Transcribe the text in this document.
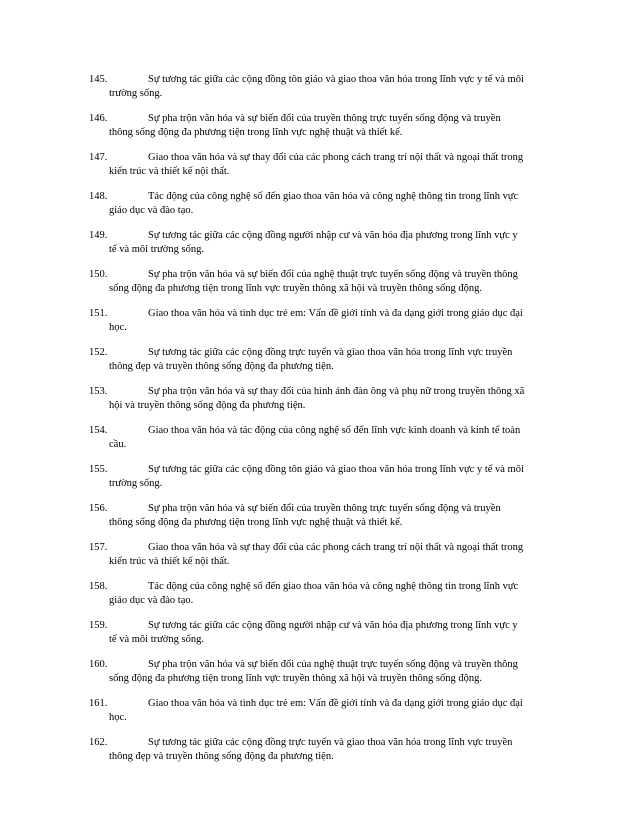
145.	Sự tương tác giữa các cộng đồng tôn giáo và giao thoa văn hóa trong lĩnh vực y tế và môi
trường sống.
146.	Sự pha trộn văn hóa và sự biến đổi của truyền thông trực tuyến sống động và truyền
thông sống động đa phương tiện trong lĩnh vực nghệ thuật và thiết kế.
147.	Giao thoa văn hóa và sự thay đổi của các phong cách trang trí nội thất và ngoại thất trong
kiến trúc và thiết kế nội thất.
148.	Tác động của công nghệ số đến giao thoa văn hóa và công nghệ thông tin trong lĩnh vực
giáo dục và đào tạo.
149.	Sự tương tác giữa các cộng đồng người nhập cư và văn hóa địa phương trong lĩnh vực y
tế và môi trường sống.
150.	Sự pha trộn văn hóa và sự biến đổi của nghệ thuật trực tuyến sống động và truyền thông
sống động đa phương tiện trong lĩnh vực truyền thông xã hội và truyền thông sống động.
151.	Giao thoa văn hóa và tình dục trẻ em: Vấn đề giới tính và đa dạng giới trong giáo dục đại
học.
152.	Sự tương tác giữa các cộng đồng trực tuyến và giao thoa văn hóa trong lĩnh vực truyền
thông đẹp và truyền thông sống động đa phương tiện.
153.	Sự pha trộn văn hóa và sự thay đổi của hình ảnh đàn ông và phụ nữ trong truyền thông xã
hội và truyền thông sống động đa phương tiện.
154.	Giao thoa văn hóa và tác động của công nghệ số đến lĩnh vực kinh doanh và kinh tế toàn
cầu.
155.	Sự tương tác giữa các cộng đồng tôn giáo và giao thoa văn hóa trong lĩnh vực y tế và môi
trường sống.
156.	Sự pha trộn văn hóa và sự biến đổi của truyền thông trực tuyến sống động và truyền
thông sống động đa phương tiện trong lĩnh vực nghệ thuật và thiết kế.
157.	Giao thoa văn hóa và sự thay đổi của các phong cách trang trí nội thất và ngoại thất trong
kiến trúc và thiết kế nội thất.
158.	Tác động của công nghệ số đến giao thoa văn hóa và công nghệ thông tin trong lĩnh vực
giáo dục và đào tạo.
159.	Sự tương tác giữa các cộng đồng người nhập cư và văn hóa địa phương trong lĩnh vực y
tế và môi trường sống.
160.	Sự pha trộn văn hóa và sự biến đổi của nghệ thuật trực tuyến sống động và truyền thông
sống động đa phương tiện trong lĩnh vực truyền thông xã hội và truyền thông sống động.
161.	Giao thoa văn hóa và tình dục trẻ em: Vấn đề giới tính và đa dạng giới trong giáo dục đại
học.
162.	Sự tương tác giữa các cộng đồng trực tuyến và giao thoa văn hóa trong lĩnh vực truyền
thông đẹp và truyền thông sống động đa phương tiện.
